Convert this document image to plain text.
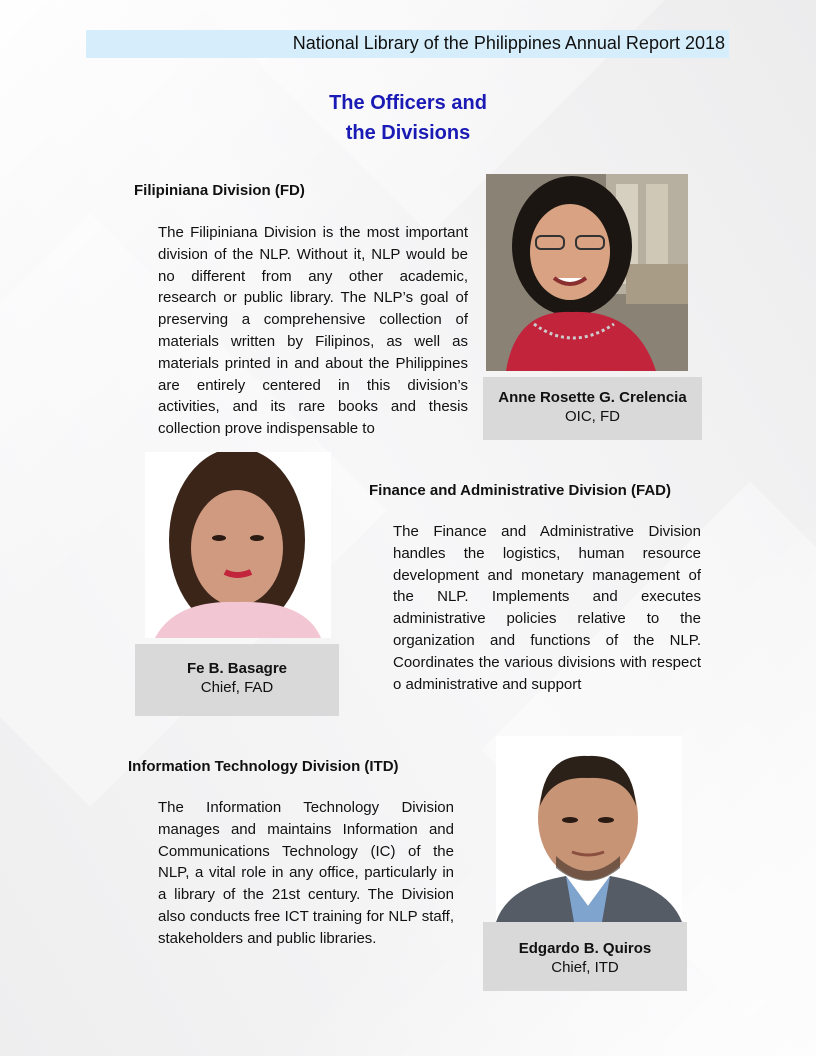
National Library of the Philippines Annual Report 2018
The Officers and
the Divisions
Filipiniana Division (FD)
The Filipiniana Division is the most important division of the NLP. Without it, NLP would be no different from any other academic, research or public library. The NLP’s goal of preserving a comprehensive collection of materials written by Filipinos, as well as materials printed in and about the Philippines are entirely centered in this division’s activities, and its rare books and thesis collection prove indispensable to
Anne Rosette G. Crelencia
OIC, FD
Fe B. Basagre
Chief, FAD
Finance and Administrative Division (FAD)
The Finance and Administrative Division handles the logistics, human resource development and monetary management of the NLP. Implements and executes administrative policies relative to the organization and functions of the NLP. Coordinates the various divisions with respect o administrative and support
Information Technology Division (ITD)
The Information Technology Division manages and maintains Information and Communications Technology (IC) of the NLP, a vital role in any office, particularly in a library of the 21st century. The Division also conducts free ICT training for NLP staff, stakeholders and public libraries.
Edgardo B. Quiros
Chief, ITD
